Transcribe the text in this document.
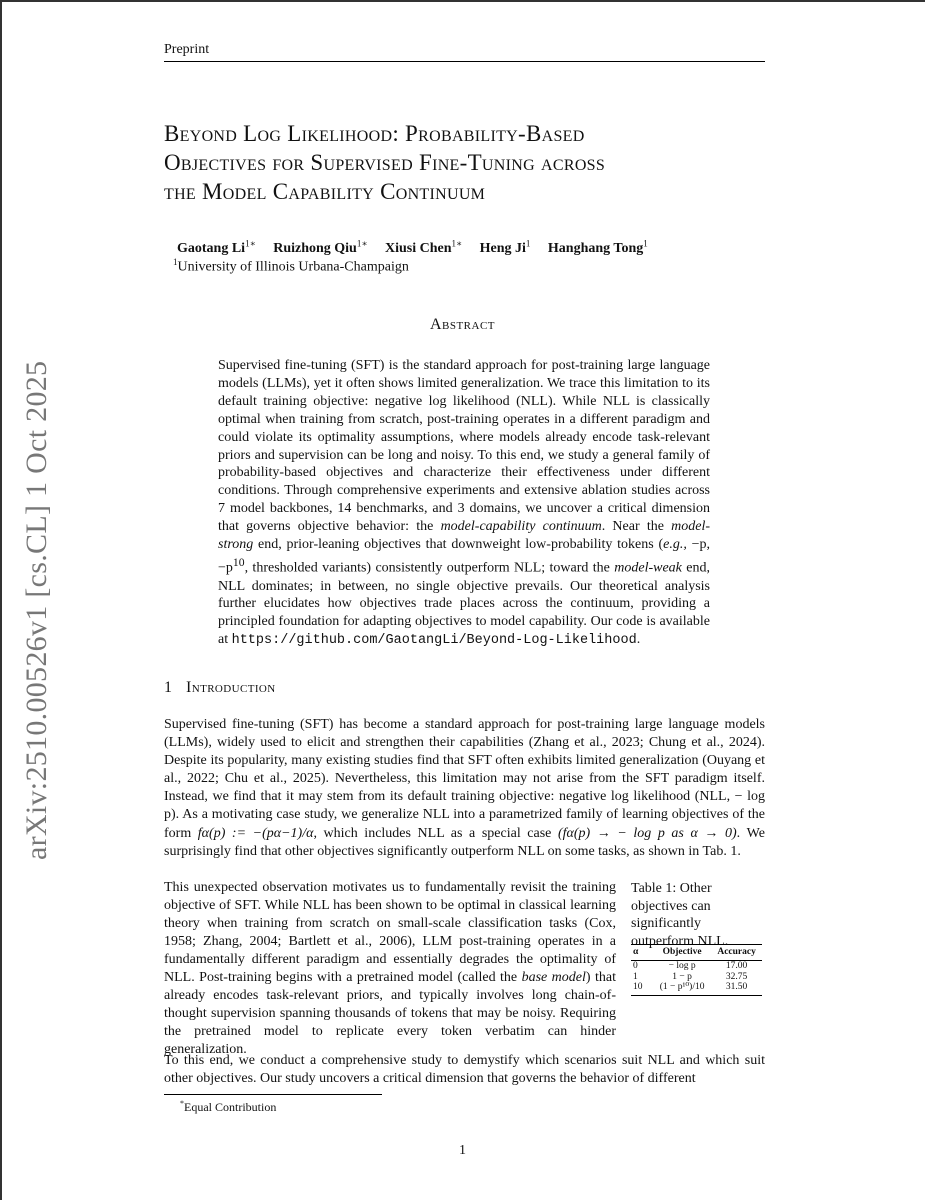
Preprint
Beyond Log Likelihood: Probability-Based
Objectives for Supervised Fine-Tuning across
the Model Capability Continuum
Gaotang $Li^{1∗}$ Ruizhong Qiu$^{1∗}$ Xiusi Chen$^{1∗}$ Heng Ji$^1$ Hanghang Tong$^1$
$^1$University of Illinois Urbana-Champaign
Abstract
Supervised fine-tuning (SFT) is the standard approach for post-training large language models (LLMs), yet it often shows limited generalization. We trace this limitation to its default training objective: negative log likelihood (NLL). While NLL is classically optimal when training from scratch, post-training operates in a different paradigm and could violate its optimality assumptions, where models already encode task-relevant priors and supervision can be long and noisy. To this end, we study a general family of probability-based objectives and characterize their effectiveness under different conditions. Through comprehensive experiments and extensive ablation studies across 7 model backbones, 14 benchmarks, and 3 domains, we uncover a critical dimension that governs objective behavior: the model-capability continuum. Near the model-strong end, prior-leaning objectives that downweight low-probability tokens (e.g., −p, $-p^{10}$, thresholded variants) consistently outperform NLL; toward the model-weak end, NLL dominates; in between, no single objective prevails. Our theoretical analysis further elucidates how objectives trade places across the continuum, providing a principled foundation for adapting objectives to model capability. Our code is available at https://github.com/GaotangLi/Beyond-Log-Likelihood.
arXiv:2510.00526v1 [cs.CL] 1 Oct 2025	1 Introduction
Supervised fine-tuning (SFT) has become a standard approach for post-training large language models (LLMs), widely used to elicit and strengthen their capabilities (Zhang et al., 2023; Chung et al., 2024). Despite its popularity, many existing studies find that SFT often exhibits limited generalization (Ouyang et al., 2022; Chu et al., 2025). Nevertheless, this limitation may not arise from the SFT paradigm itself. Instead, we find that it may stem from its default training objective: negative log likelihood (NLL, − log p). As a motivating case study, we generalize NLL into a parametrized family of learning objectives of the form fα(p) := −(pα−1)/α, which includes NLL as a special case (fα(p) → − log p as α → 0). We surprisingly find that other objectives significantly outperform NLL on some tasks, as shown in Tab. 1.
This unexpected observation motivates us to fundamentally revisit the training objective of SFT. While NLL has been shown to be optimal in classical learning theory when training from scratch on small-scale classification tasks (Cox, 1958; Zhang, 2004; Bartlett et al., 2006), LLM post-training operates in a fundamentally different paradigm and essentially degrades the optimality of NLL. Post-training begins with a pretrained model (called the base model) that already encodes task-relevant priors, and typically involves long chain-of-thought supervision spanning thousands of tokens that may be noisy. Requiring the pretrained model to replicate every token verbatim can hinder generalization.
Table 1: Other objectives can significantly outperform NLL.
α	Objective	Accuracy
0	− log p	17.00
1	1 − p	32.75
10	(1 − p¹⁰)/10	31.50
To this end, we conduct a comprehensive study to demystify which scenarios suit NLL and which suit other objectives. Our study uncovers a critical dimension that governs the behavior of different
*Equal Contribution
1
